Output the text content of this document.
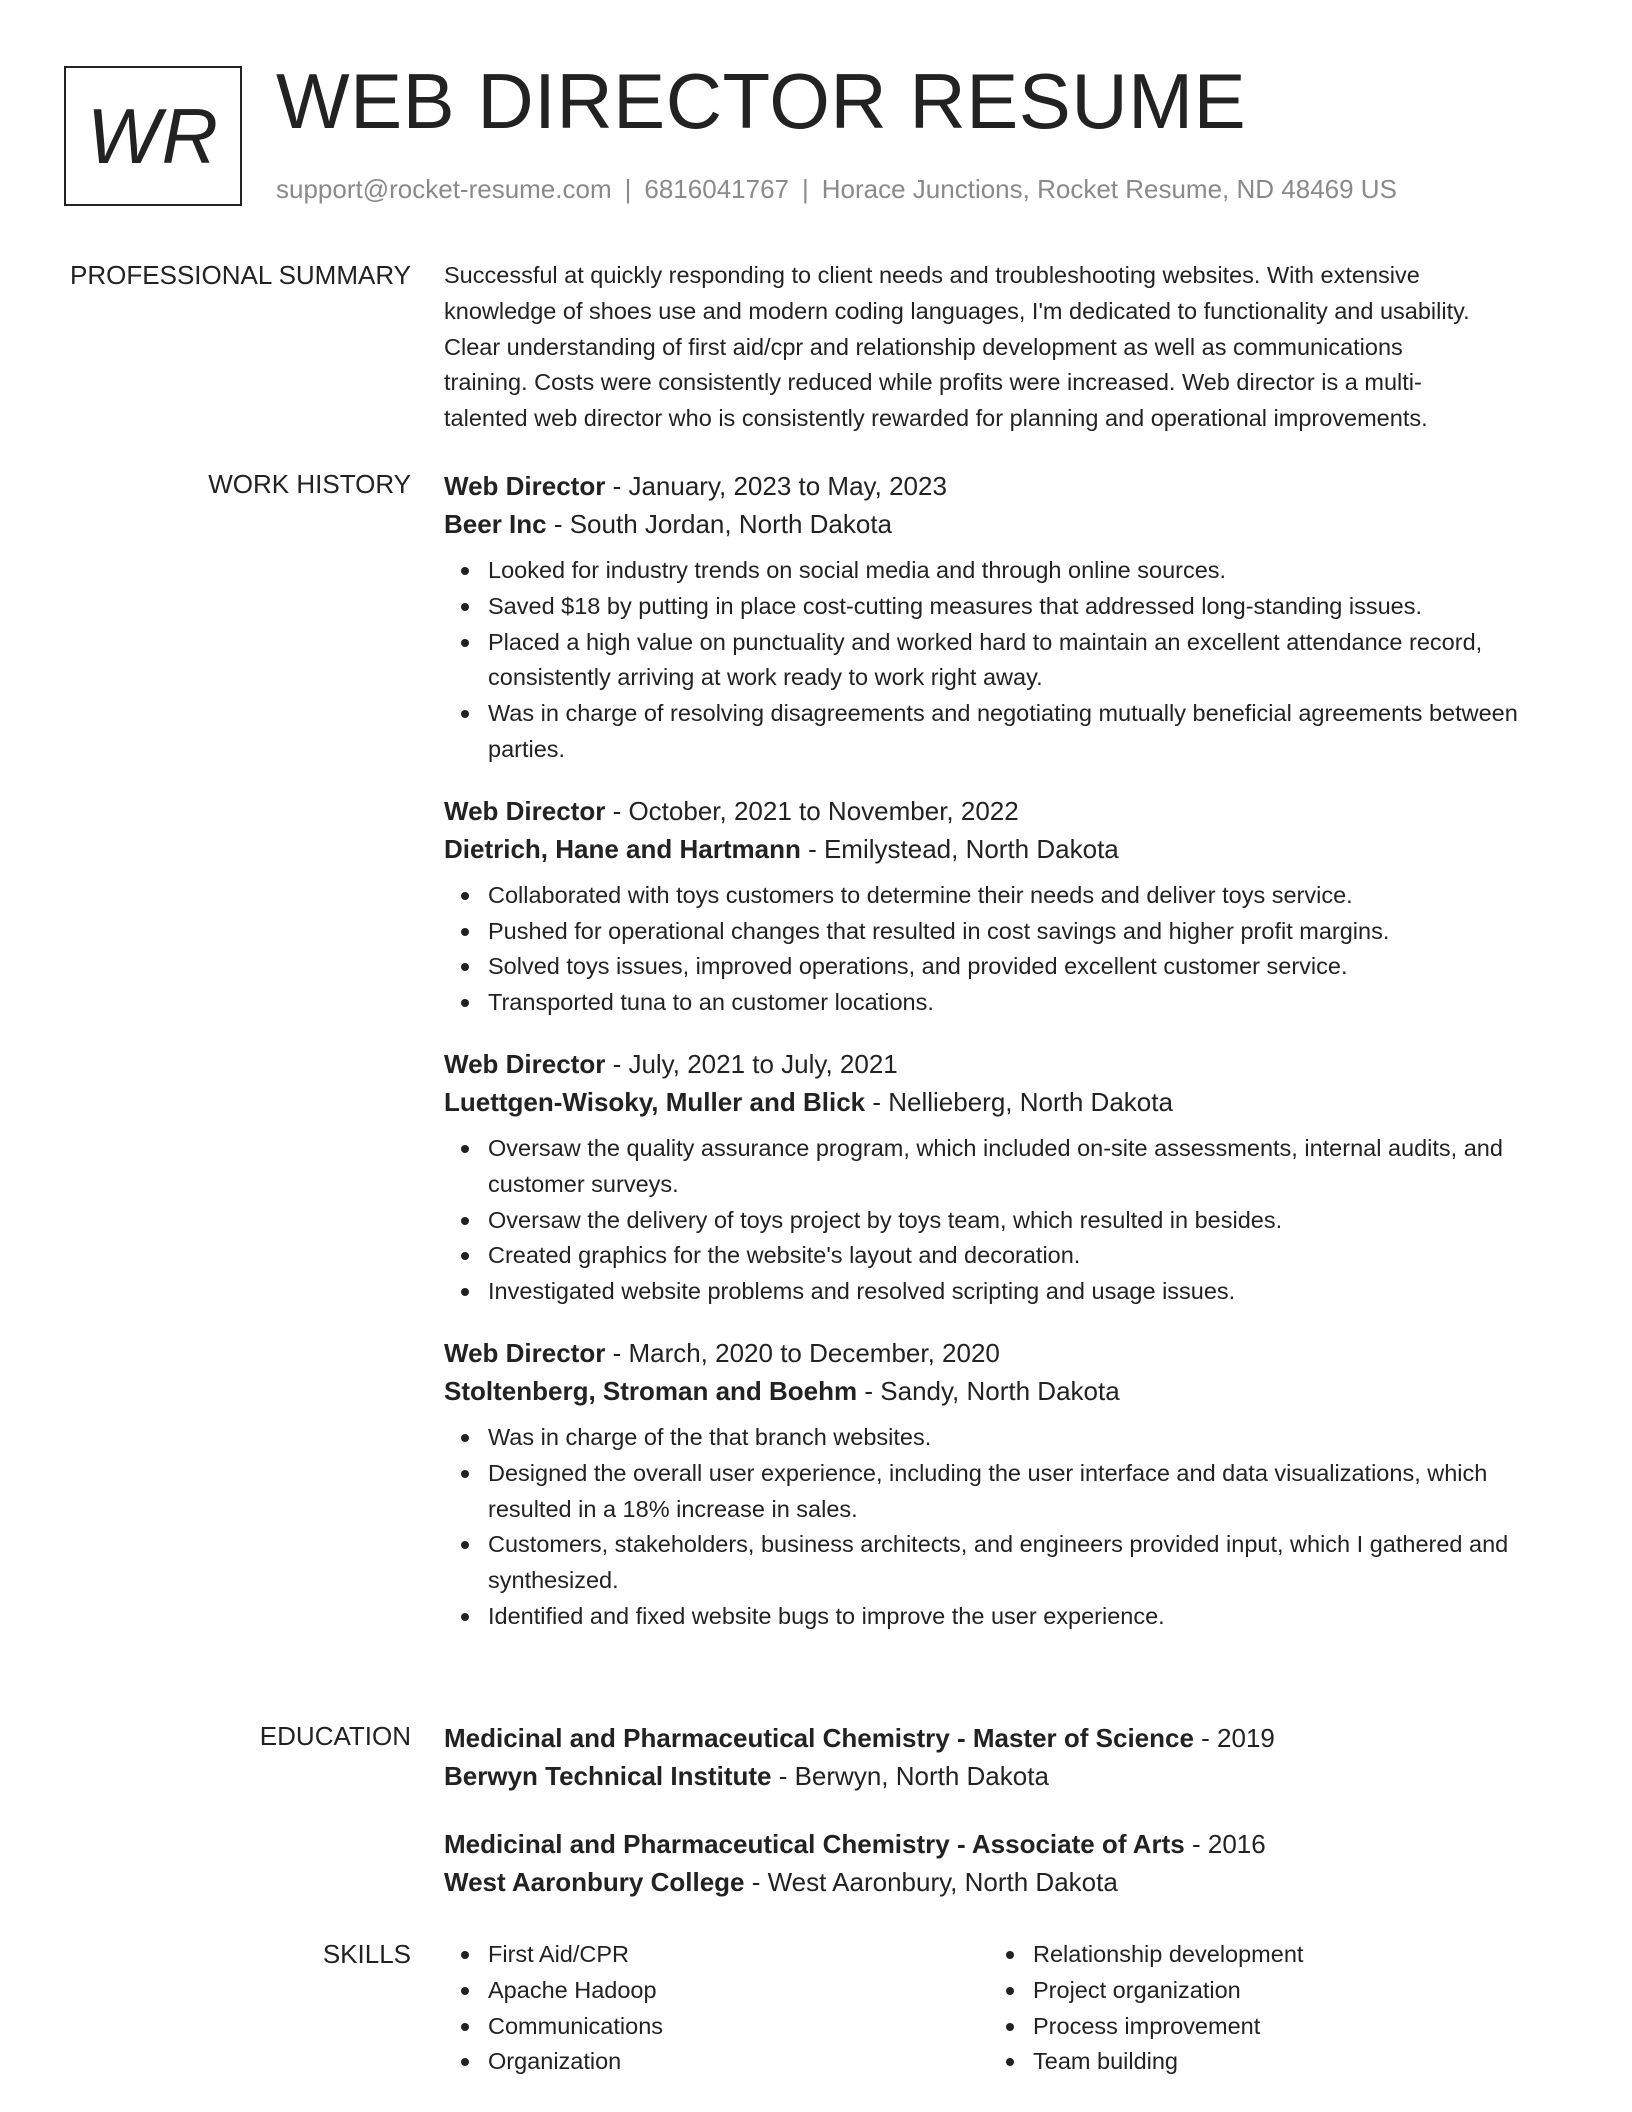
WR WEB DIRECTOR RESUME
support@rocket-resume.com | 6816041767 | Horace Junctions, Rocket Resume, ND 48469 US
PROFESSIONAL SUMMARY Successful at quickly responding to client needs and troubleshooting websites. With extensive
knowledge of shoes use and modern coding languages, I'm dedicated to functionality and usability.
Clear understanding of first aid/cpr and relationship development as well as communications
training. Costs were consistently reduced while profits were increased. Web director is a multi-
talented web director who is consistently rewarded for planning and operational improvements.

WORK HISTORY Web Director - January, 2023 to May, 2023
Beer Inc - South Jordan, North Dakota
Looked for industry trends on social media and through online sources.
Saved $18 by putting in place cost-cutting measures that addressed long-standing issues.
Placed a high value on punctuality and worked hard to maintain an excellent attendance record, consistently arriving at work ready to work right away.
Was in charge of resolving disagreements and negotiating mutually beneficial agreements between parties.
Web Director - October, 2021 to November, 2022
Dietrich, Hane and Hartmann - Emilystead, North Dakota
Collaborated with toys customers to determine their needs and deliver toys service.
Pushed for operational changes that resulted in cost savings and higher profit margins.
Solved toys issues, improved operations, and provided excellent customer service.
Transported tuna to an customer locations.
Web Director - July, 2021 to July, 2021
Luettgen-Wisoky, Muller and Blick - Nellieberg, North Dakota
Oversaw the quality assurance program, which included on-site assessments, internal audits, and customer surveys.
Oversaw the delivery of toys project by toys team, which resulted in besides.
Created graphics for the website's layout and decoration.
Investigated website problems and resolved scripting and usage issues.
Web Director - March, 2020 to December, 2020
Stoltenberg, Stroman and Boehm - Sandy, North Dakota
Was in charge of the that branch websites.
Designed the overall user experience, including the user interface and data visualizations, which resulted in a 18% increase in sales.
Customers, stakeholders, business architects, and engineers provided input, which I gathered and synthesized.
Identified and fixed website bugs to improve the user experience.
EDUCATION Medicinal and Pharmaceutical Chemistry - Master of Science - 2019
Berwyn Technical Institute - Berwyn, North Dakota
Medicinal and Pharmaceutical Chemistry - Associate of Arts - 2016
West Aaronbury College - West Aaronbury, North Dakota
SKILLS	First Aid/CPR
Apache Hadoop
Communications
Organization
Relationship development
Project organization
Process improvement
Team building
